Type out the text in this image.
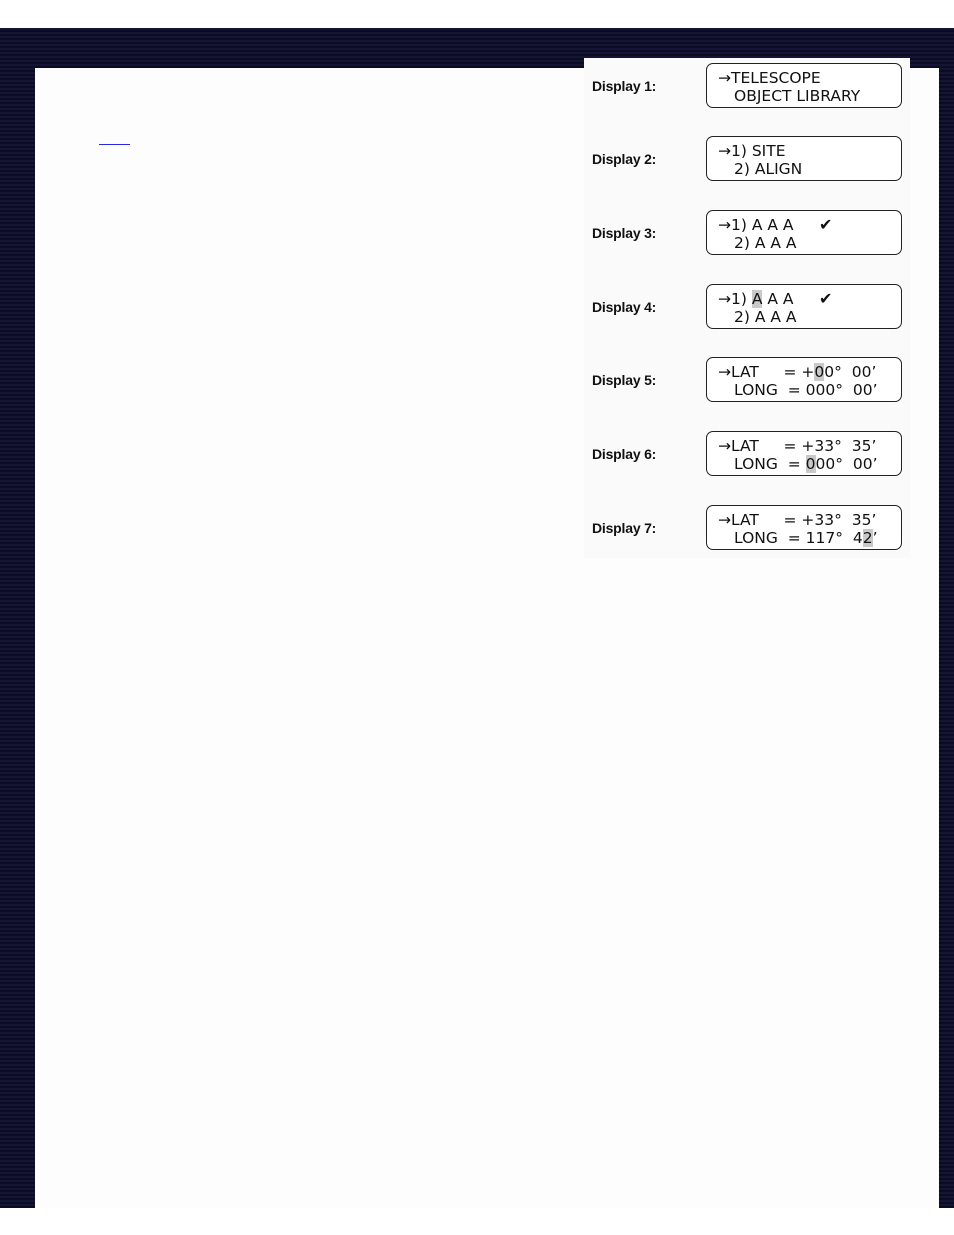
Display 1:	→TELESCOPE
OBJECT LIBRARY
Display 2:	→1) SITE
2) ALIGN
Display 3:	→1) A A A ✔
2) A A A
Display 4:	→1) A A A ✔
2) A A A
Display 5:	→LAT     = +00°  00’
LONG  = 000°  00’
Display 6:	→LAT     = +33°  35’
LONG  = 000°  00’
Display 7:	→LAT     = +33°  35’
LONG  = 117°  42’
